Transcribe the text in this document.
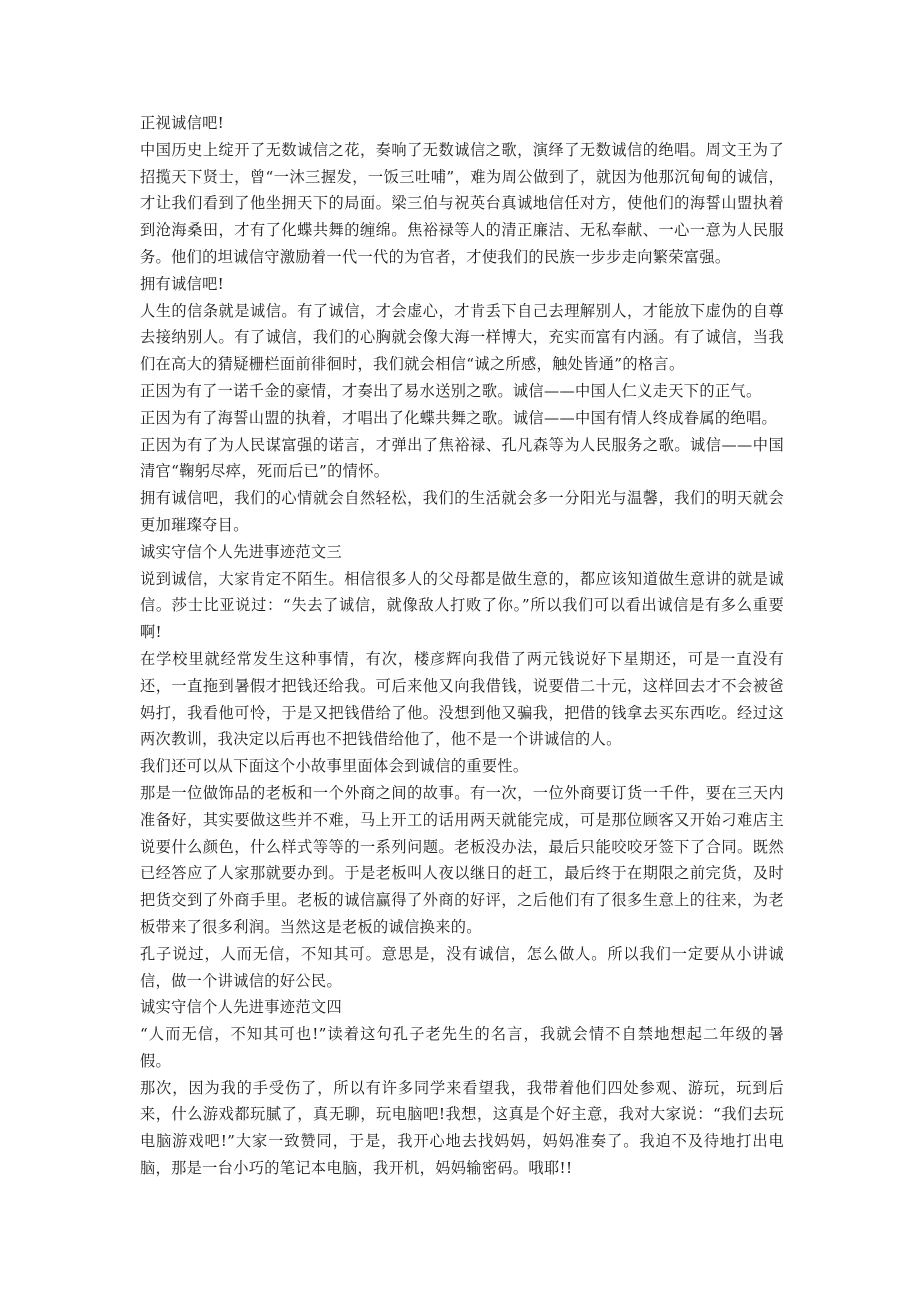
正视诚信吧!

中国历史上绽开了无数诚信之花，奏响了无数诚信之歌，演绎了无数诚信的绝唱。周文王为了招揽天下贤士，曾“一沐三握发，一饭三吐哺”，难为周公做到了，就因为他那沉甸甸的诚信，才让我们看到了他坐拥天下的局面。梁三伯与祝英台真诚地信任对方，使他们的海誓山盟执着到沧海桑田，才有了化蝶共舞的缠绵。焦裕禄等人的清正廉洁、无私奉献、一心一意为人民服务。他们的坦诚信守激励着一代一代的为官者，才使我们的民族一步步走向繁荣富强。

拥有诚信吧!

人生的信条就是诚信。有了诚信，才会虚心，才肯丢下自己去理解别人，才能放下虚伪的自尊去接纳别人。有了诚信，我们的心胸就会像大海一样博大，充实而富有内涵。有了诚信，当我们在高大的猜疑栅栏面前徘徊时，我们就会相信“诚之所感，触处皆通”的格言。

正因为有了一诺千金的豪情，才奏出了易水送别之歌。诚信——中国人仁义走天下的正气。

正因为有了海誓山盟的执着，才唱出了化蝶共舞之歌。诚信——中国有情人终成眷属的绝唱。

正因为有了为人民谋富强的诺言，才弹出了焦裕禄、孔凡森等为人民服务之歌。诚信——中国清官“鞠躬尽瘁，死而后已”的情怀。

拥有诚信吧，我们的心情就会自然轻松，我们的生活就会多一分阳光与温馨，我们的明天就会更加璀璨夺目。

诚实守信个人先进事迹范文三

说到诚信，大家肯定不陌生。相信很多人的父母都是做生意的，都应该知道做生意讲的就是诚信。莎士比亚说过：“失去了诚信，就像敌人打败了你。”所以我们可以看出诚信是有多么重要啊!

在学校里就经常发生这种事情，有次，楼彦辉向我借了两元钱说好下星期还，可是一直没有还，一直拖到暑假才把钱还给我。可后来他又向我借钱，说要借二十元，这样回去才不会被爸妈打，我看他可怜，于是又把钱借给了他。没想到他又骗我，把借的钱拿去买东西吃。经过这两次教训，我决定以后再也不把钱借给他了，他不是一个讲诚信的人。

我们还可以从下面这个小故事里面体会到诚信的重要性。

那是一位做饰品的老板和一个外商之间的故事。有一次，一位外商要订货一千件，要在三天内准备好，其实要做这些并不难，马上开工的话用两天就能完成，可是那位顾客又开始刁难店主说要什么颜色，什么样式等等的一系列问题。老板没办法，最后只能咬咬牙签下了合同。既然已经答应了人家那就要办到。于是老板叫人夜以继日的赶工，最后终于在期限之前完货，及时把货交到了外商手里。老板的诚信赢得了外商的好评，之后他们有了很多生意上的往来，为老板带来了很多利润。当然这是老板的诚信换来的。

孔子说过，人而无信，不知其可。意思是，没有诚信，怎么做人。所以我们一定要从小讲诚信，做一个讲诚信的好公民。

诚实守信个人先进事迹范文四

“人而无信，不知其可也!”读着这句孔子老先生的名言，我就会情不自禁地想起二年级的暑假。

那次，因为我的手受伤了，所以有许多同学来看望我，我带着他们四处参观、游玩，玩到后来，什么游戏都玩腻了，真无聊，玩电脑吧!我想，这真是个好主意，我对大家说：“我们去玩电脑游戏吧!”大家一致赞同，于是，我开心地去找妈妈，妈妈准奏了。我迫不及待地打出电脑，那是一台小巧的笔记本电脑，我开机，妈妈输密码。哦耶!!
